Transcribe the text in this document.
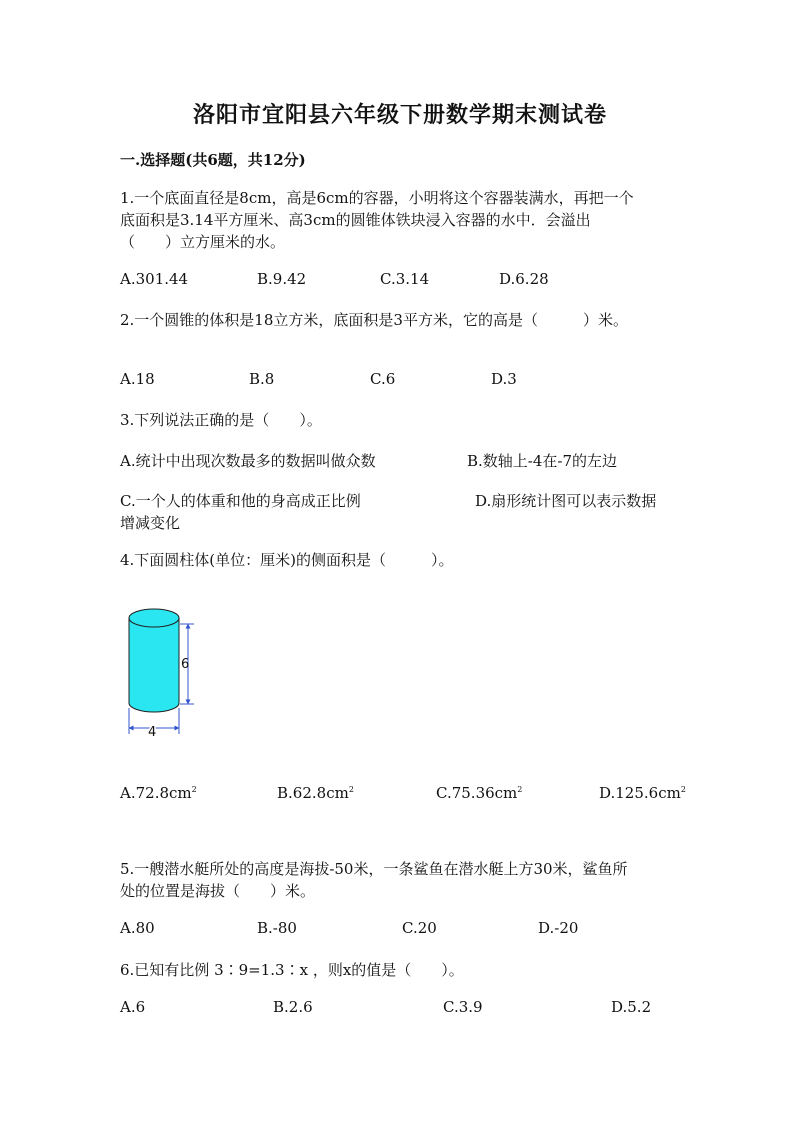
洛阳市宜阳县六年级下册数学期末测试卷
一.选择题(共6题，共12分)
1.一个底面直径是8cm，高是6cm的容器，小明将这个容器装满水，再把一个
底面积是3.14平方厘米、高3cm的圆锥体铁块浸入容器的水中．会溢出
（　　）立方厘米的水。
A.301.44	B.9.42	C.3.14	D.6.28
2.一个圆锥的体积是18立方米，底面积是3平方米，它的高是（　　　）米。
A.18	B.8	C.6	D.3
3.下列说法正确的是（　　）。
A.统计中出现次数最多的数据叫做众数	B.数轴上-4在-7的左边
C.一个人的体重和他的身高成正比例	D.扇形统计图可以表示数据
增减变化
4.下面圆柱体(单位：厘米)的侧面积是（　　　）。
6
4
$A.72.8cm^2$	$B.62.8cm^2$	$C.75.36cm^2$	$D.125.6cm^2$
5.一艘潜水艇所处的高度是海拔-50米，一条鲨鱼在潜水艇上方30米，鲨鱼所
处的位置是海拔（　　）米。
A.80	B.-80	C.20	D.-20
6.已知有比例 3∶9=1.3∶x ，则x的值是（　　）。
A.6	B.2.6	C.3.9	D.5.2
